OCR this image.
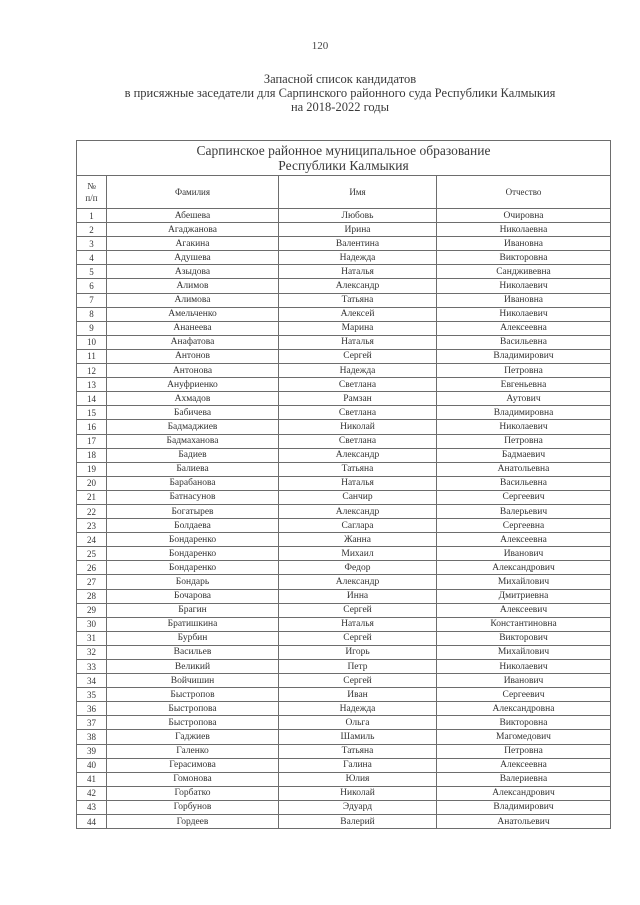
120
Запасной список кандидатов
в присяжные заседатели для Сарпинского районного суда Республики Калмыкия
на 2018-2022 годы
Сарпинское районное муниципальное образование
Республики Калмыкия			

№
п/п	Фамилия	Имя	Отчество
1	Абешева	Любовь	Очировна
2	Агаджанова	Ирина	Николаевна
3	Агакина	Валентина	Ивановна
4	Адушева	Надежда	Викторовна
5	Азыдова	Наталья	Сандживевна
6	Алимов	Александр	Николаевич
7	Алимова	Татьяна	Ивановна
8	Амельченко	Алексей	Николаевич
9	Ананеева	Марина	Алексеевна
10	Анафатова	Наталья	Васильевна
11	Антонов	Сергей	Владимирович
12	Антонова	Надежда	Петровна
13	Ануфриенко	Светлана	Евгеньевна
14	Ахмадов	Рамзан	Аутович
15	Бабичева	Светлана	Владимировна
16	Бадмаджиев	Николай	Николаевич
17	Бадмаханова	Светлана	Петровна
18	Бадиев	Александр	Бадмаевич
19	Балиева	Татьяна	Анатольевна
20	Барабанова	Наталья	Васильевна
21	Батнасунов	Санчир	Сергеевич
22	Богатырев	Александр	Валерьевич
23	Болдаева	Саглара	Сергеевна
24	Бондаренко	Жанна	Алексеевна
25	Бондаренко	Михаил	Иванович
26	Бондаренко	Федор	Александрович
27	Бондарь	Александр	Михайлович
28	Бочарова	Инна	Дмитриевна
29	Брагин	Сергей	Алексеевич
30	Братишкина	Наталья	Константиновна
31	Бурбин	Сергей	Викторович
32	Васильев	Игорь	Михайлович
33	Великий	Петр	Николаевич
34	Войчишин	Сергей	Иванович
35	Быстропов	Иван	Сергеевич
36	Быстропова	Надежда	Александровна
37	Быстропова	Ольга	Викторовна
38	Гаджиев	Шамиль	Магомедович
39	Галенко	Татьяна	Петровна
40	Герасимова	Галина	Алексеевна
41	Гомонова	Юлия	Валериевна
42	Горбатко	Николай	Александрович
43	Горбунов	Эдуард	Владимирович
44	Гордеев	Валерий	Анатольевич
